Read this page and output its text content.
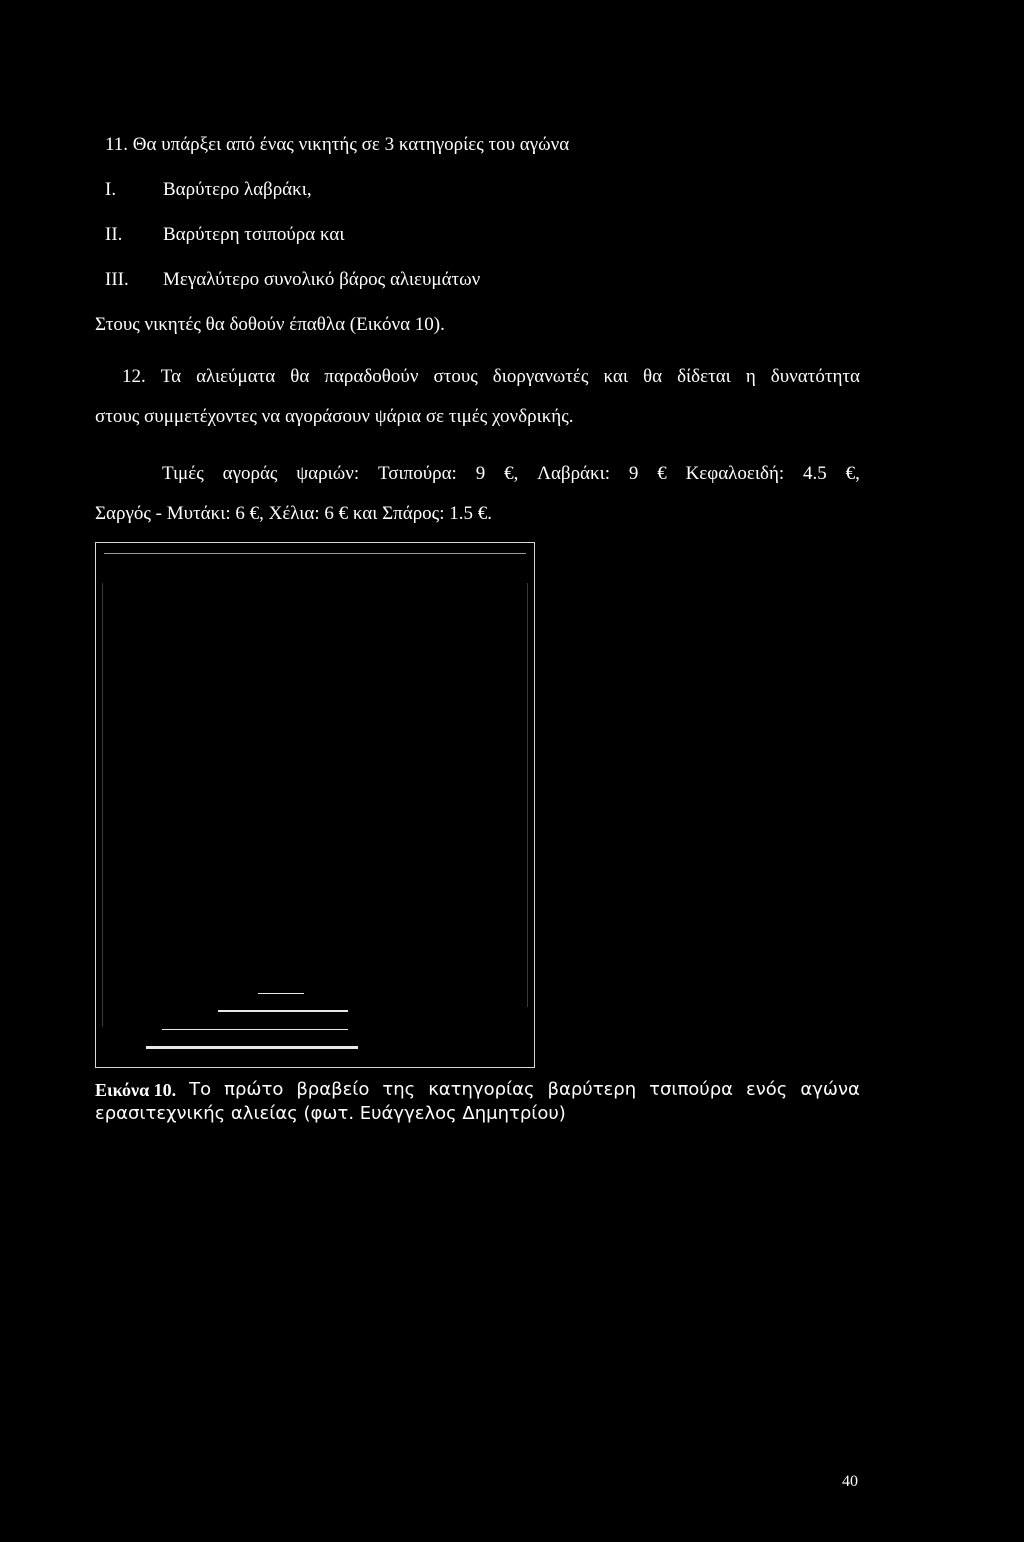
11. Θα υπάρξει από ένας νικητής σε 3 κατηγορίες του αγώνα
I. Βαρύτερο λαβράκι,
II. Βαρύτερη τσιπούρα και
III. Μεγαλύτερο συνολικό βάρος αλιευμάτων
Στους νικητές θα δοθούν έπαθλα (Εικόνα 10).
12. Τα αλιεύματα θα παραδοθούν στους διοργανωτές και θα δίδεται η δυνατότητα
στους συμμετέχοντες να αγοράσουν ψάρια σε τιμές χονδρικής.
Τιμές αγοράς ψαριών: Τσιπούρα: 9 €, Λαβράκι: 9 € Κεφαλοειδή: 4.5 €,
Σαργός - Μυτάκι: 6 €, Χέλια: 6 € και Σπάρος: 1.5 €.
Εικόνα 10. Το πρώτο βραβείο της κατηγορίας βαρύτερη τσιπούρα ενός αγώνα
ερασιτεχνικής αλιείας (φωτ. Ευάγγελος Δημητρίου)
40
